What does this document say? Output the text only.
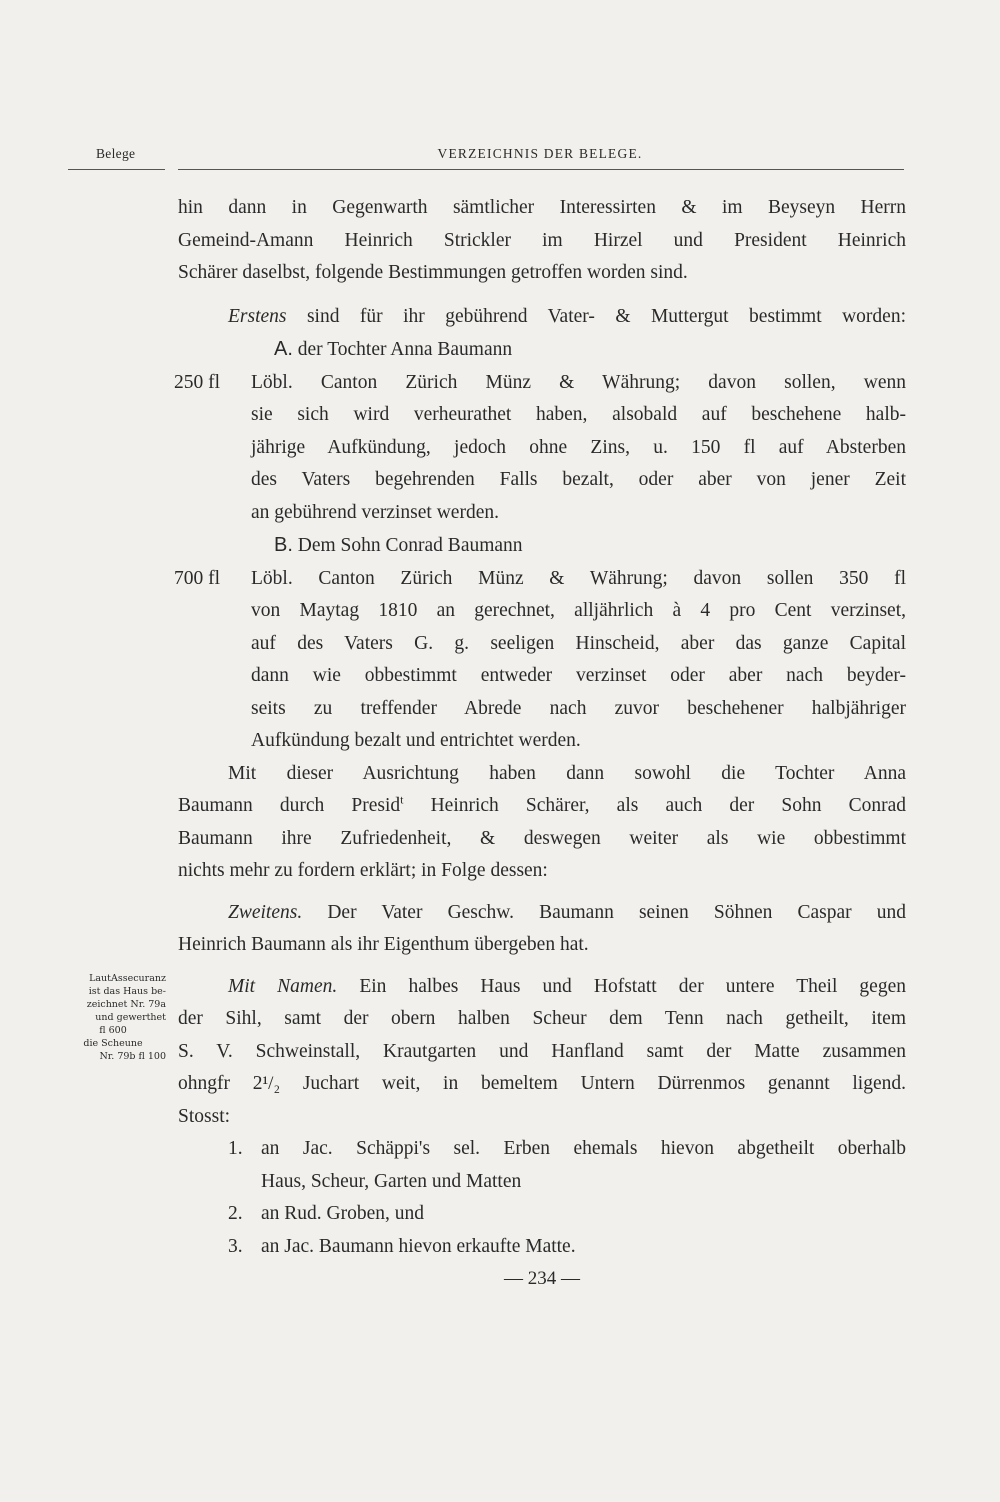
Belege	VERZEICHNIS DER BELEGE.
hin dann in Gegenwarth sämtlicher Interessirten & im Beyseyn Herrn
Gemeind-Amann Heinrich Strickler im Hirzel und President Heinrich
Schärer daselbst, folgende Bestimmungen getroffen worden sind.
Erstens sind für ihr gebührend Vater- & Muttergut bestimmt worden:
A. der Tochter Anna Baumann
250 fl Löbl. Canton Zürich Münz & Währung; davon sollen, wenn
sie sich wird verheurathet haben, alsobald auf beschehene halb-
jährige Aufkündung, jedoch ohne Zins, u. 150 fl auf Absterben
des Vaters begehrenden Falls bezalt, oder aber von jener Zeit
an gebührend verzinset werden.
B. Dem Sohn Conrad Baumann
700 fl Löbl. Canton Zürich Münz & Währung; davon sollen 350 fl
von Maytag 1810 an gerechnet, alljährlich à 4 pro Cent verzinset,
auf des Vaters G. g. seeligen Hinscheid, aber das ganze Capital
dann wie obbestimmt entweder verzinset oder aber nach beyder-
seits zu treffender Abrede nach zuvor beschehener halbjähriger
Aufkündung bezalt und entrichtet werden.
Mit dieser Ausrichtung haben dann sowohl die Tochter Anna
Baumann durch Presid$^t$ Heinrich Schärer, als auch der Sohn Conrad
Baumann ihre Zufriedenheit, & deswegen weiter als wie obbestimmt
nichts mehr zu fordern erklärt; in Folge dessen:
Zweitens. Der Vater Geschw. Baumann seinen Söhnen Caspar und
Heinrich Baumann als ihr Eigenthum übergeben hat.
Mit Namen. Ein halbes Haus und Hofstatt der untere Theil gegen
der Sihl, samt der obern halben Scheur dem Tenn nach getheilt, item
S. V. Schweinstall, Krautgarten und Hanfland samt der Matte zusammen
ohngfr 2¹/₂ Juchart weit, in bemeltem Untern Dürrenmos genannt ligend.
Stosst:
1. an Jac. Schäppi's sel. Erben ehemals hievon abgetheilt oberhalb
Haus, Scheur, Garten und Matten
2. an Rud. Groben, und
3. an Jac. Baumann hievon erkaufte Matte.
LautAssecuranz
ist das Haus be-
zeichnet Nr. 79a
und gewerthet
fl 600
die Scheune
Nr. 79b fl 100
— 234 —
